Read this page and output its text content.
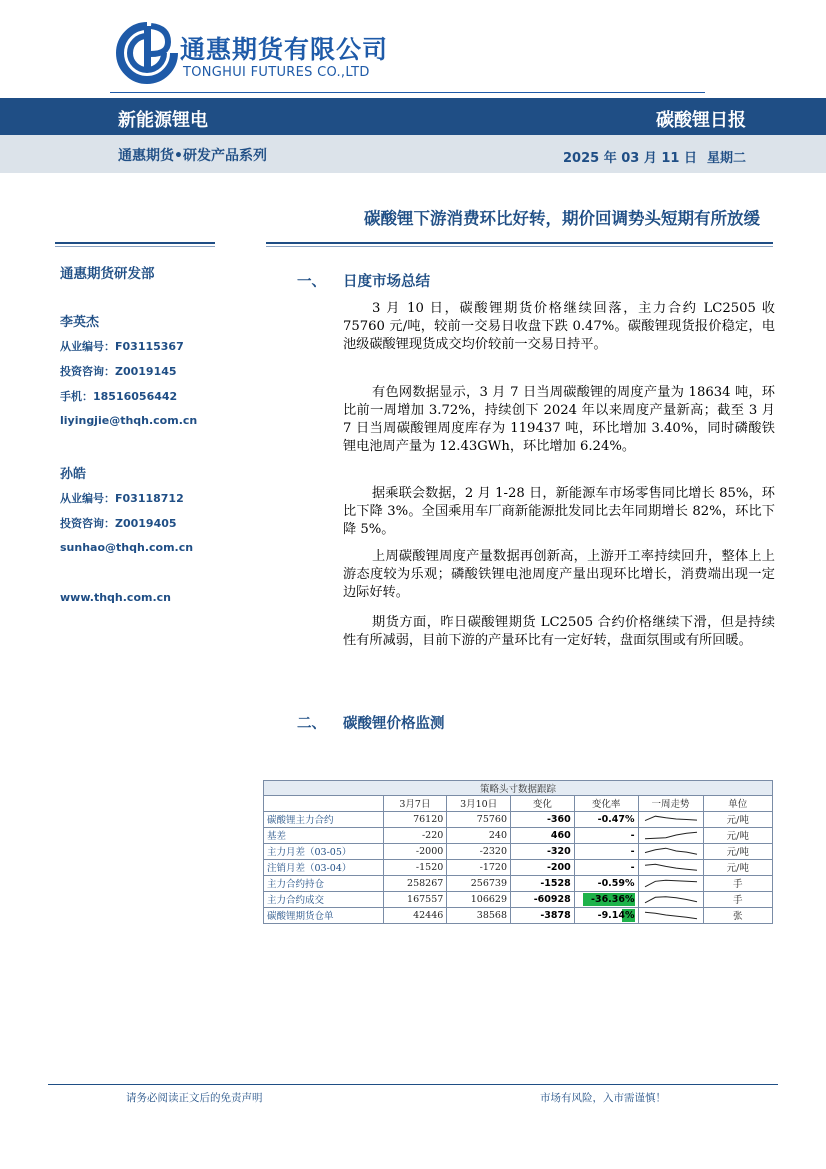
通惠期货有限公司
TONGHUI FUTURES CO.,LTD
新能源锂电	碳酸锂日报
通惠期货•研发产品系列	2025 年 03 月 11 日 星期二
碳酸锂下游消费环比好转，期价回调势头短期有所放缓
通惠期货研发部
李英杰
从业编号：F03115367
投资咨询：Z0019145
手机：18516056442
liyingjie@thqh.com.cn
孙皓
从业编号：F03118712
投资咨询：Z0019405
sunhao@thqh.com.cn
www.thqh.com.cn
一、 日度市场总结

3 月 10 日，碳酸锂期货价格继续回落，主力合约 LC2505 收 75760 元/吨，较前一交易日收盘下跌 0.47%。碳酸锂现货报价稳定，电池级碳酸锂现货成交均价较前一交易日持平。

有色网数据显示，3 月 7 日当周碳酸锂的周度产量为 18634 吨，环比前一周增加 3.72%，持续创下 2024 年以来周度产量新高；截至 3 月 7 日当周碳酸锂周度库存为 119437 吨，环比增加 3.40%，同时磷酸铁锂电池周产量为 12.43GWh，环比增加 6.24%。

据乘联会数据，2 月 1-28 日，新能源车市场零售同比增长 85%，环比下降 3%。全国乘用车厂商新能源批发同比去年同期增长 82%，环比下降 5%。

上周碳酸锂周度产量数据再创新高，上游开工率持续回升，整体上上游态度较为乐观；磷酸铁锂电池周度产量出现环比增长，消费端出现一定边际好转。

期货方面，昨日碳酸锂期货 LC2505 合约价格继续下滑，但是持续性有所减弱，目前下游的产量环比有一定好转，盘面氛围或有所回暖。

二、 碳酸锂价格监测
策略头寸数据跟踪						
	3月7日	3月10日	变化	变化率	一周走势	单位
碳酸锂主力合约	76120	75760	-360	-0.47%		元/吨
基差	-220	240	460	-		元/吨
主力月差（03-05）	-2000	-2320	-320	-		元/吨
注销月差（03-04）	-1520	-1720	-200	-		元/吨
主力合约持仓	258267	256739	-1528	-0.59%		手
主力合约成交	167557	106629	-60928	-36.36%		手
碳酸锂期货仓单	42446	38568	-3878	-9.14%		张
请务必阅读正文后的免责声明	市场有风险，入市需谨慎！
